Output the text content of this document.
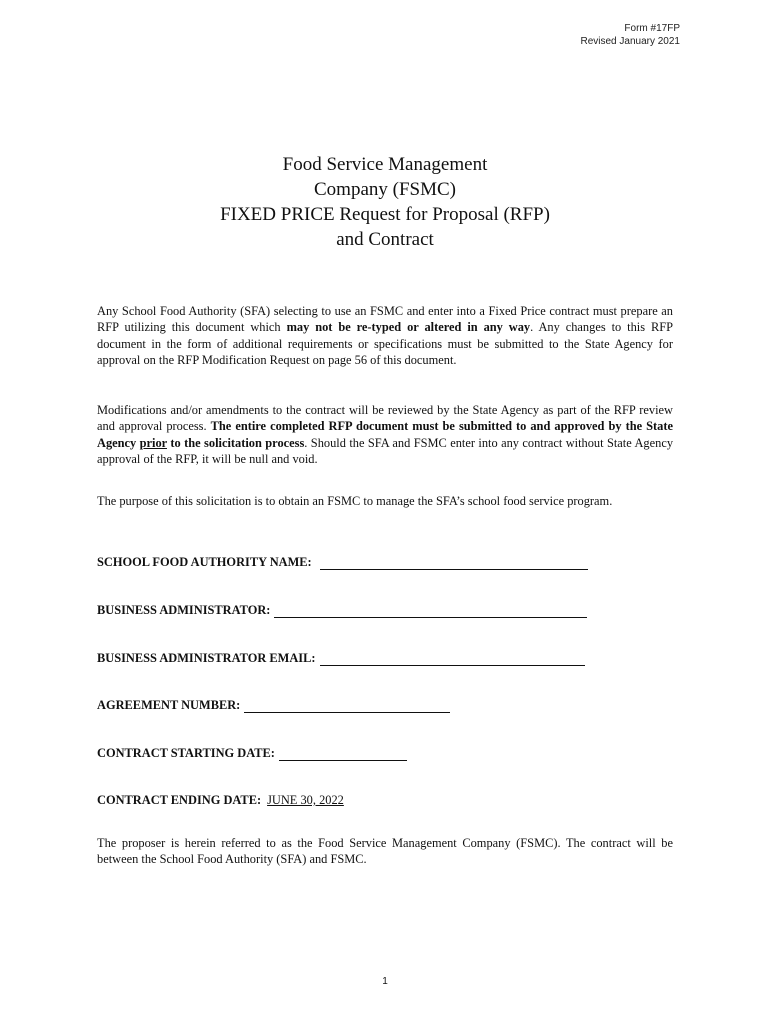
Form #17FP
Revised January 2021
Food Service Management
Company (FSMC)
FIXED PRICE Request for Proposal (RFP)
and Contract
Any School Food Authority (SFA) selecting to use an FSMC and enter into a Fixed Price contract must prepare an RFP utilizing this document which may not be re-typed or altered in any way. Any changes to this RFP document in the form of additional requirements or specifications must be submitted to the State Agency for approval on the RFP Modification Request on page 56 of this document.
Modifications and/or amendments to the contract will be reviewed by the State Agency as part of the RFP review and approval process. The entire completed RFP document must be submitted to and approved by the State Agency prior to the solicitation process. Should the SFA and FSMC enter into any contract without State Agency approval of the RFP, it will be null and void.
The purpose of this solicitation is to obtain an FSMC to manage the SFA’s school food service program.
SCHOOL FOOD AUTHORITY NAME:
BUSINESS ADMINISTRATOR:
BUSINESS ADMINISTRATOR EMAIL:
AGREEMENT NUMBER:
CONTRACT STARTING DATE:
CONTRACT ENDING DATE: JUNE 30, 2022
The proposer is herein referred to as the Food Service Management Company (FSMC). The contract will be between the School Food Authority (SFA) and FSMC.
1
